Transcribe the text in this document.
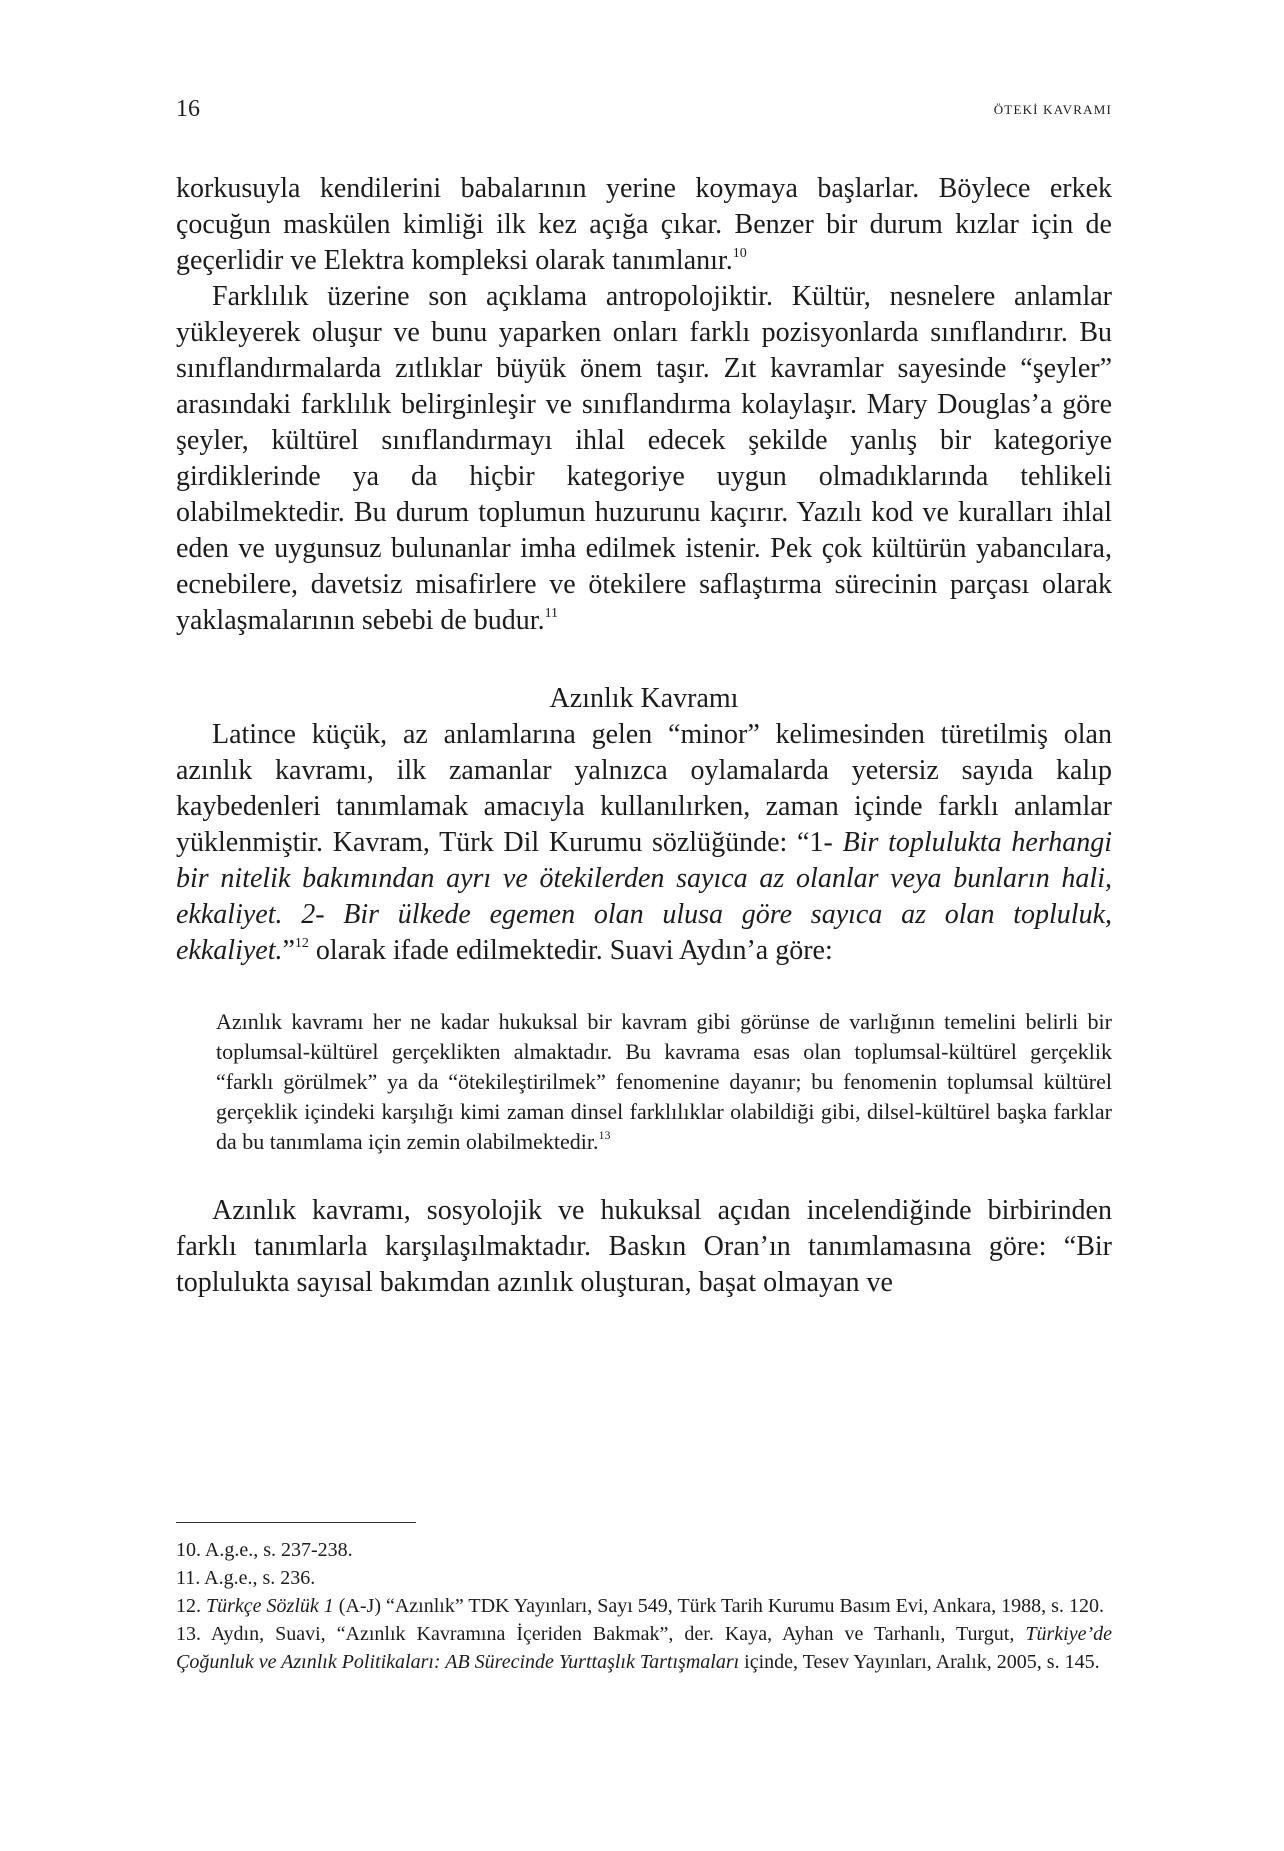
16	ÖTEKİ KAVRAMI

korkusuyla kendilerini babalarının yerine koymaya başlarlar. Böylece erkek çocuğun maskülen kimliği ilk kez açığa çıkar. Benzer bir durum kızlar için de geçerlidir ve Elektra kompleksi olarak tanımlanır.$^{10}$

Farklılık üzerine son açıklama antropolojiktir. Kültür, nesnelere anlamlar yükleyerek oluşur ve bunu yaparken onları farklı pozisyonlarda sınıflandırır. Bu sınıflandırmalarda zıtlıklar büyük önem taşır. Zıt kavramlar sayesinde “şeyler” arasındaki farklılık belirginleşir ve sınıflandırma kolaylaşır. Mary Douglas’a göre şeyler, kültürel sınıflandırmayı ihlal edecek şekilde yanlış bir kategoriye girdiklerinde ya da hiçbir kategoriye uygun olmadıklarında tehlikeli olabilmektedir. Bu durum toplumun huzurunu kaçırır. Yazılı kod ve kuralları ihlal eden ve uygunsuz bulunanlar imha edilmek istenir. Pek çok kültürün yabancılara, ecnebilere, davetsiz misafirlere ve ötekilere saflaştırma sürecinin parçası olarak yaklaşmalarının sebebi de budur.$^{11}$

Azınlık Kavramı

Latince küçük, az anlamlarına gelen “minor” kelimesinden türetilmiş olan azınlık kavramı, ilk zamanlar yalnızca oylamalarda yetersiz sayıda kalıp kaybedenleri tanımlamak amacıyla kullanılırken, zaman içinde farklı anlamlar yüklenmiştir. Kavram, Türk Dil Kurumu sözlüğünde: “1- Bir toplulukta herhangi bir nitelik bakımından ayrı ve ötekilerden sayıca az olanlar veya bunların hali, ekkaliyet. 2- Bir ülkede egemen olan ulusa göre sayıca az olan topluluk, ekkaliyet.”$^{12}$ olarak ifade edilmektedir. Suavi Aydın’a göre:

Azınlık kavramı her ne kadar hukuksal bir kavram gibi görünse de varlığının temelini belirli bir toplumsal-kültürel gerçeklikten almaktadır. Bu kavrama esas olan toplumsal-kültürel gerçeklik “farklı görülmek” ya da “ötekileştirilmek” fenomenine dayanır; bu fenomenin toplumsal kültürel gerçeklik içindeki karşılığı kimi zaman dinsel farklılıklar olabildiği gibi, dilsel-kültürel başka farklar da bu tanımlama için zemin olabilmektedir.$^{13}$

Azınlık kavramı, sosyolojik ve hukuksal açıdan incelendiğinde birbirinden farklı tanımlarla karşılaşılmaktadır. Baskın Oran’ın tanımlamasına göre: “Bir toplulukta sayısal bakımdan azınlık oluşturan, başat olmayan ve

10. A.g.e., s. 237-238.
11. A.g.e., s. 236.
12. Türkçe Sözlük 1 (A-J) “Azınlık” TDK Yayınları, Sayı 549, Türk Tarih Kurumu Basım Evi, Ankara, 1988, s. 120.
13. Aydın, Suavi, “Azınlık Kavramına İçeriden Bakmak”, der. Kaya, Ayhan ve Tarhanlı, Turgut, Türkiye’de Çoğunluk ve Azınlık Politikaları: AB Sürecinde Yurttaşlık Tartışmaları içinde, Tesev Yayınları, Aralık, 2005, s. 145.
